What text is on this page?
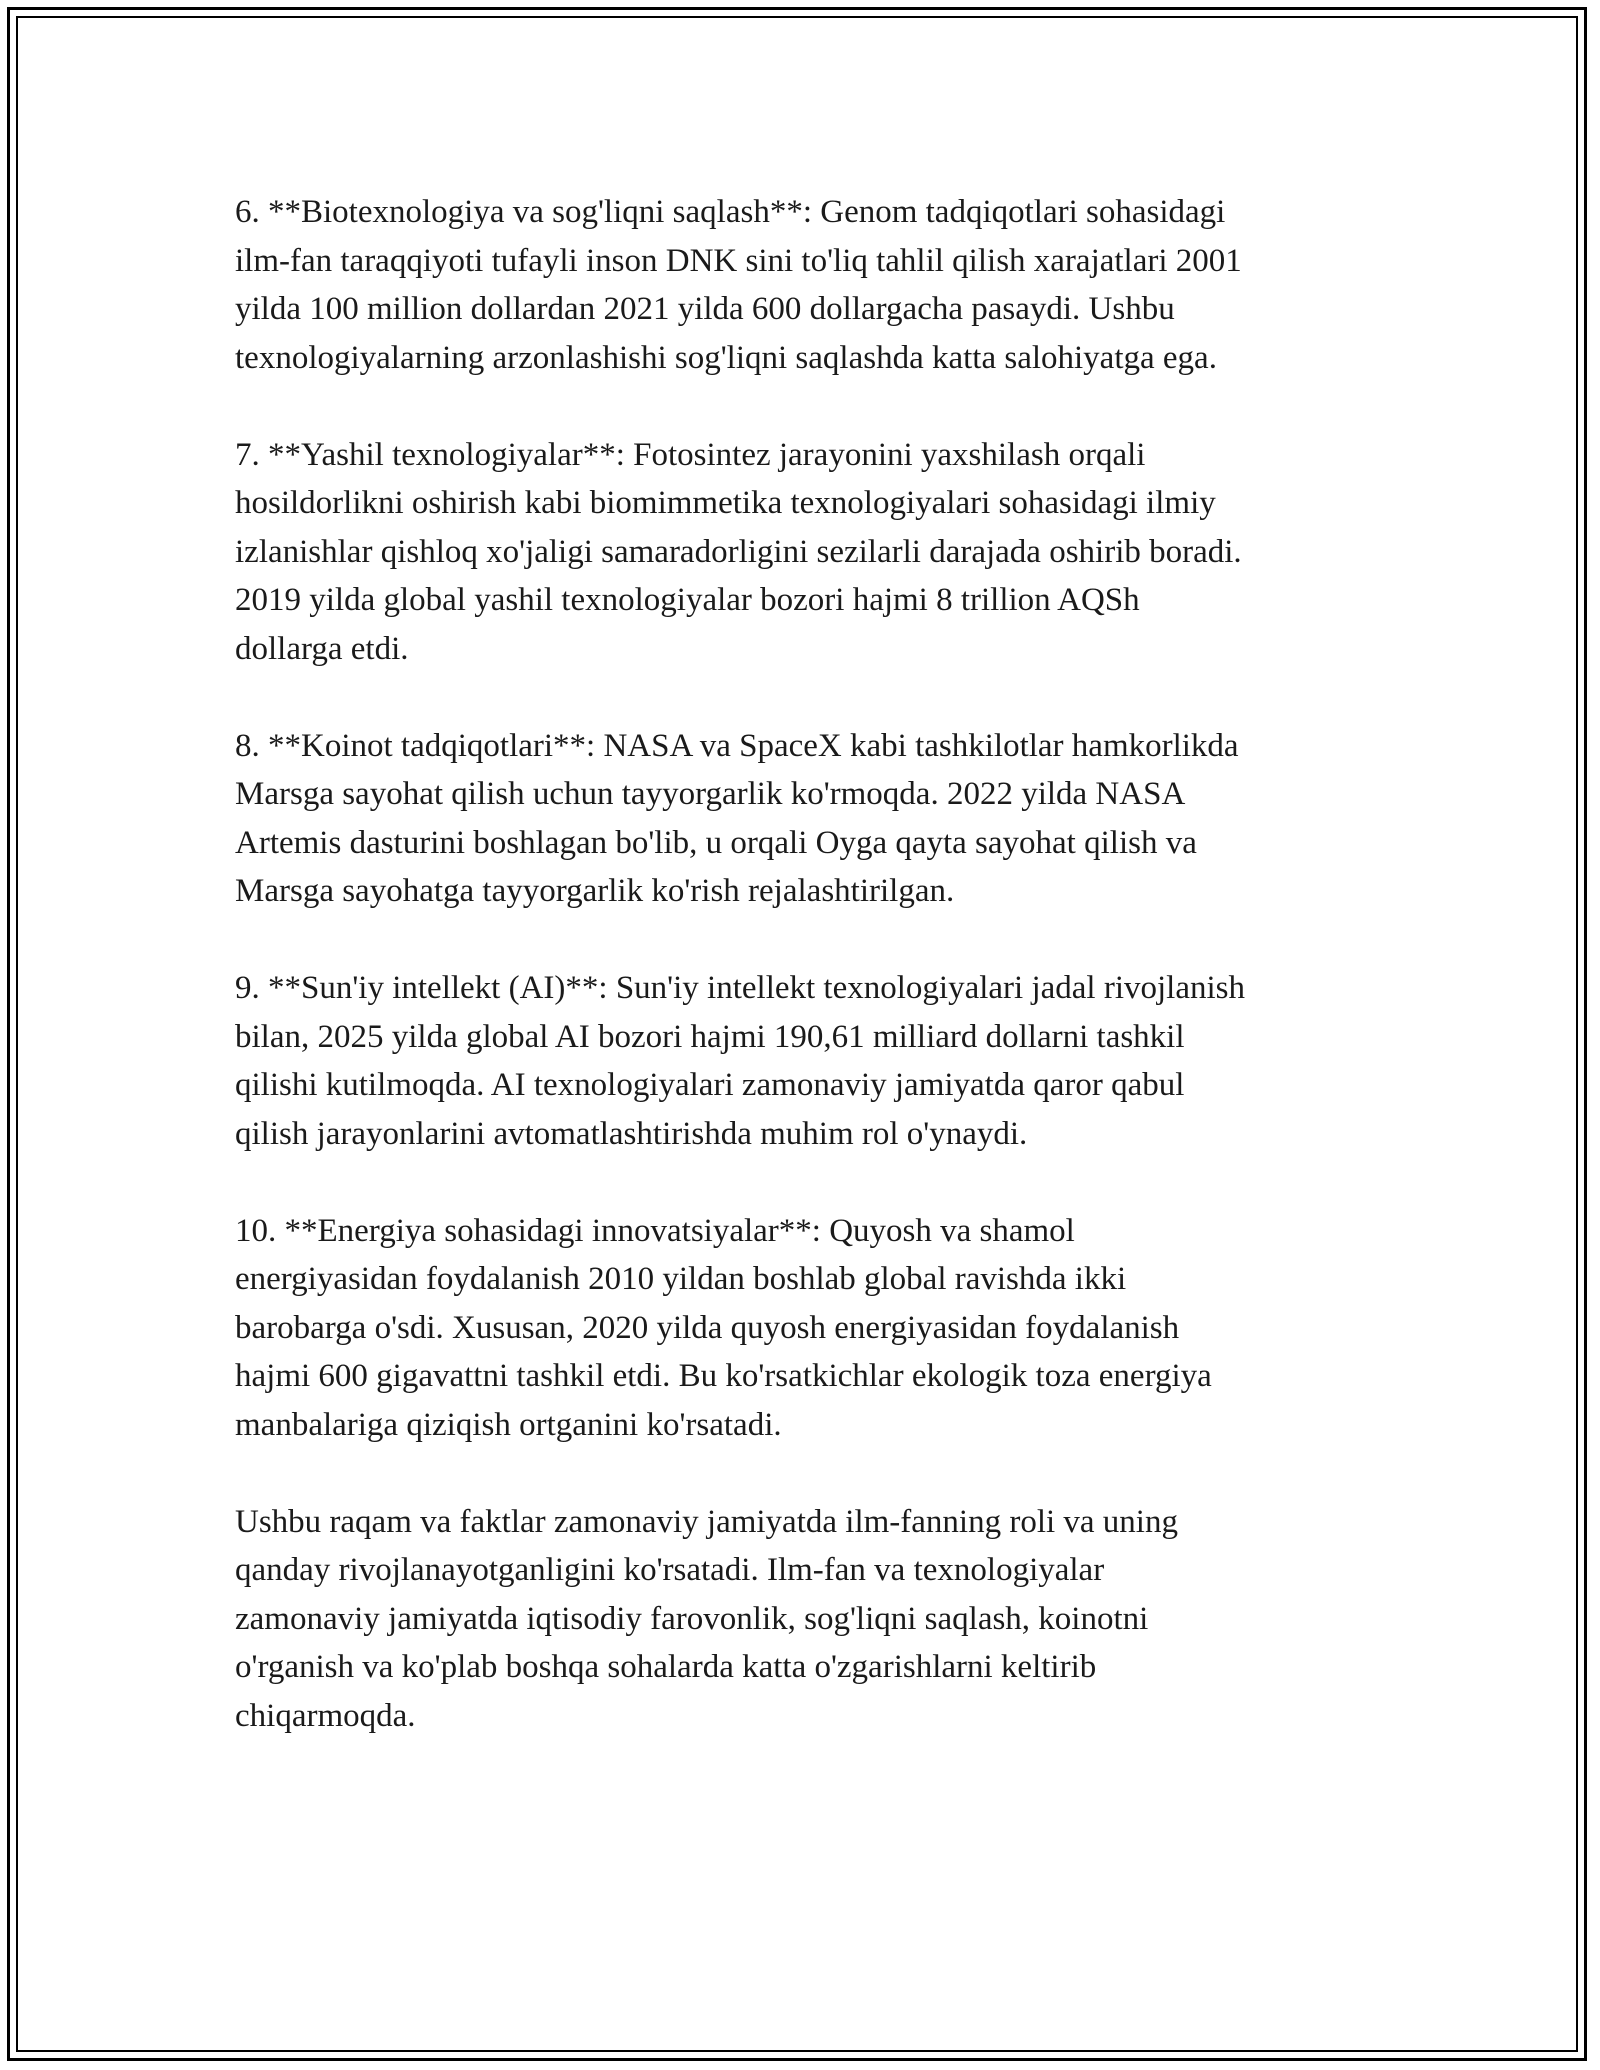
6. **Biotexnologiya va sog'liqni saqlash**: Genom tadqiqotlari sohasidagi
ilm-fan taraqqiyoti tufayli inson DNK sini to'liq tahlil qilish xarajatlari 2001
yilda 100 million dollardan 2021 yilda 600 dollargacha pasaydi. Ushbu
texnologiyalarning arzonlashishi sog'liqni saqlashda katta salohiyatga ega.

7. **Yashil texnologiyalar**: Fotosintez jarayonini yaxshilash orqali
hosildorlikni oshirish kabi biomimmetika texnologiyalari sohasidagi ilmiy
izlanishlar qishloq xo'jaligi samaradorligini sezilarli darajada oshirib boradi.
2019 yilda global yashil texnologiyalar bozori hajmi 8 trillion AQSh
dollarga etdi.

8. **Koinot tadqiqotlari**: NASA va SpaceX kabi tashkilotlar hamkorlikda
Marsga sayohat qilish uchun tayyorgarlik ko'rmoqda. 2022 yilda NASA
Artemis dasturini boshlagan bo'lib, u orqali Oyga qayta sayohat qilish va
Marsga sayohatga tayyorgarlik ko'rish rejalashtirilgan.

9. **Sun'iy intellekt (AI)**: Sun'iy intellekt texnologiyalari jadal rivojlanish
bilan, 2025 yilda global AI bozori hajmi 190,61 milliard dollarni tashkil
qilishi kutilmoqda. AI texnologiyalari zamonaviy jamiyatda qaror qabul
qilish jarayonlarini avtomatlashtirishda muhim rol o'ynaydi.

10. **Energiya sohasidagi innovatsiyalar**: Quyosh va shamol
energiyasidan foydalanish 2010 yildan boshlab global ravishda ikki
barobarga o'sdi. Xususan, 2020 yilda quyosh energiyasidan foydalanish
hajmi 600 gigavattni tashkil etdi. Bu ko'rsatkichlar ekologik toza energiya
manbalariga qiziqish ortganini ko'rsatadi.

Ushbu raqam va faktlar zamonaviy jamiyatda ilm-fanning roli va uning
qanday rivojlanayotganligini ko'rsatadi. Ilm-fan va texnologiyalar
zamonaviy jamiyatda iqtisodiy farovonlik, sog'liqni saqlash, koinotni
o'rganish va ko'plab boshqa sohalarda katta o'zgarishlarni keltirib
chiqarmoqda.
